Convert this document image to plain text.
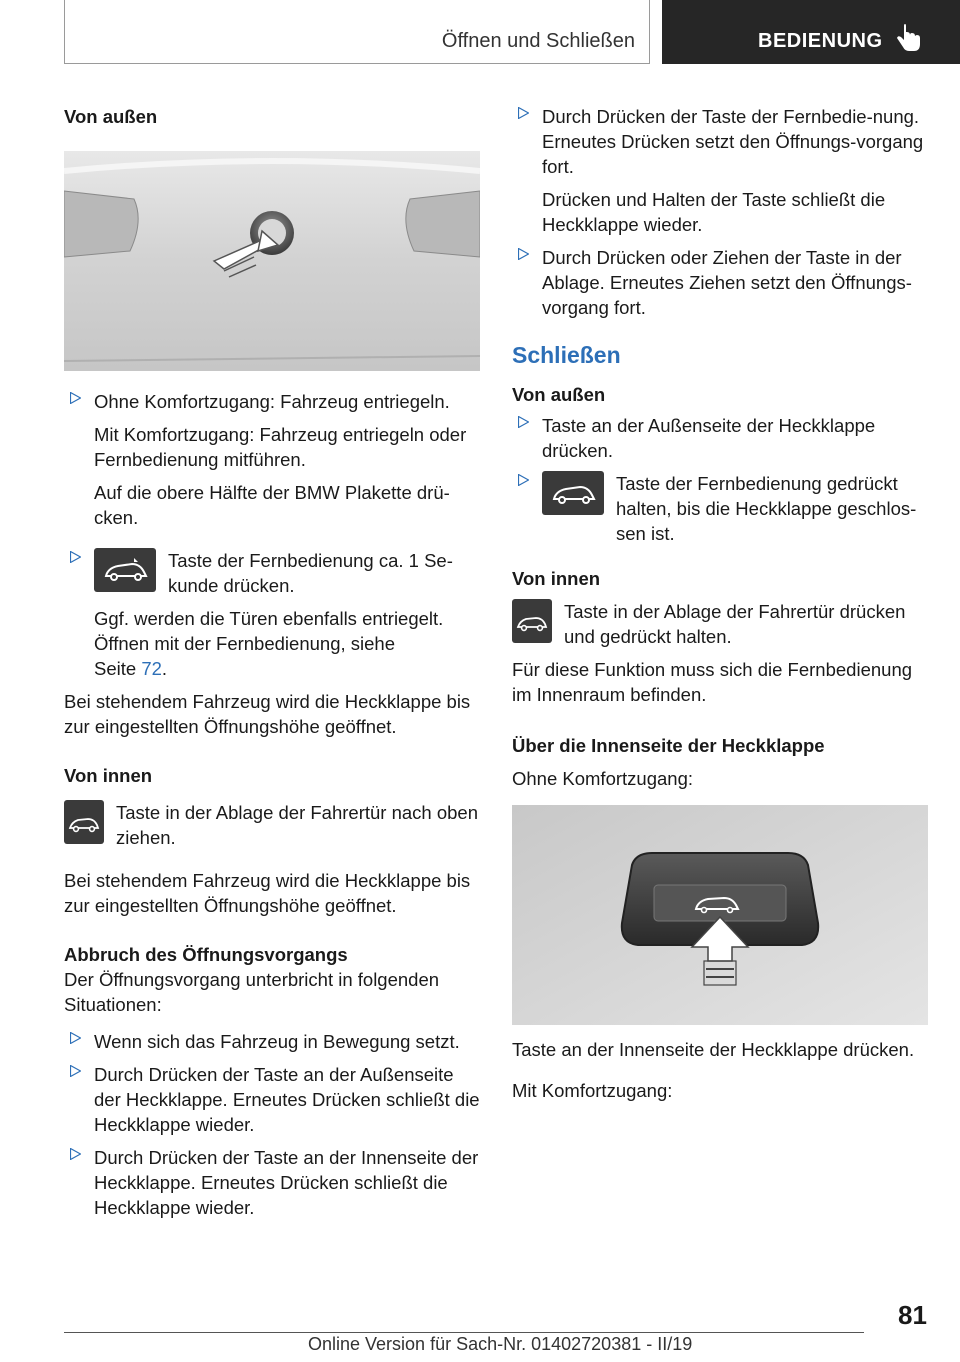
Öffnen und Schließen	BEDIENUNG

Von außen

Ohne Komfortzugang: Fahrzeug entriegeln.

Mit Komfortzugang: Fahrzeug entriegeln oder Fernbedienung mitführen.

Auf die obere Hälfte der BMW Plakette drü-cken.

Taste der Fernbedienung ca. 1 Se-kunde drücken.

Ggf. werden die Türen ebenfalls entriegelt. Öffnen mit der Fernbedienung, siehe
Seite 72.

Bei stehendem Fahrzeug wird die Heckklappe bis zur eingestellten Öffnungshöhe geöffnet.

Von innen

Taste in der Ablage der Fahrertür nach oben ziehen.

Bei stehendem Fahrzeug wird die Heckklappe bis zur eingestellten Öffnungshöhe geöffnet.

Abbruch des Öffnungsvorgangs

Der Öffnungsvorgang unterbricht in folgenden Situationen:

Wenn sich das Fahrzeug in Bewegung setzt.

Durch Drücken der Taste an der Außenseite der Heckklappe. Erneutes Drücken schließt die Heckklappe wieder.

Durch Drücken der Taste an der Innenseite der Heckklappe. Erneutes Drücken schließt die Heckklappe wieder.

Durch Drücken der Taste der Fernbedie-nung. Erneutes Drücken setzt den Öffnungs-vorgang fort.

Drücken und Halten der Taste schließt die Heckklappe wieder.

Durch Drücken oder Ziehen der Taste in der Ablage. Erneutes Ziehen setzt den Öffnungs-vorgang fort.

Schließen

Von außen

Taste an der Außenseite der Heckklappe drücken.

Taste der Fernbedienung gedrückt halten, bis die Heckklappe geschlos-sen ist.

Von innen

Taste in der Ablage der Fahrertür drücken und gedrückt halten.

Für diese Funktion muss sich die Fernbedienung im Innenraum befinden.

Über die Innenseite der Heckklappe

Ohne Komfortzugang:

Taste an der Innenseite der Heckklappe drücken.

Mit Komfortzugang:

81
Online Version für Sach-Nr. 01402720381 - II/19
